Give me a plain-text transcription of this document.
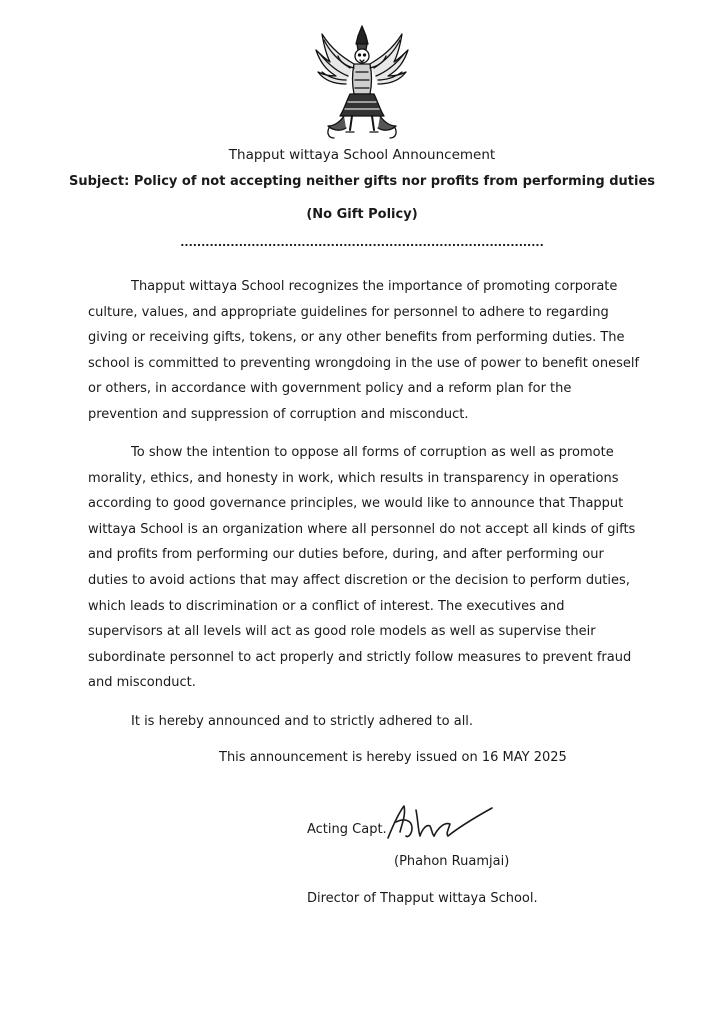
Thapput wittaya School Announcement
Subject: Policy of not accepting neither gifts nor profits from performing duties
(No Gift Policy)
.......................................................................................

Thapput wittaya School recognizes the importance of promoting corporate culture, values, and appropriate guidelines for personnel to adhere to regarding giving or receiving gifts, tokens, or any other benefits from performing duties. The school is committed to preventing wrongdoing in the use of power to benefit oneself or others, in accordance with government policy and a reform plan for the prevention and suppression of corruption and misconduct.

To show the intention to oppose all forms of corruption as well as promote morality, ethics, and honesty in work, which results in transparency in operations according to good governance principles, we would like to announce that Thapput wittaya School is an organization where all personnel do not accept all kinds of gifts and profits from performing our duties before, during, and after performing our duties to avoid actions that may affect discretion or the decision to perform duties, which leads to discrimination or a conflict of interest. The executives and supervisors at all levels will act as good role models as well as supervise their subordinate personnel to act properly and strictly follow measures to prevent fraud and misconduct.

It is hereby announced and to strictly adhered to all.
This announcement is hereby issued on 16 MAY 2025
Acting Capt.
(Phahon Ruamjai)
Director of Thapput wittaya School.
